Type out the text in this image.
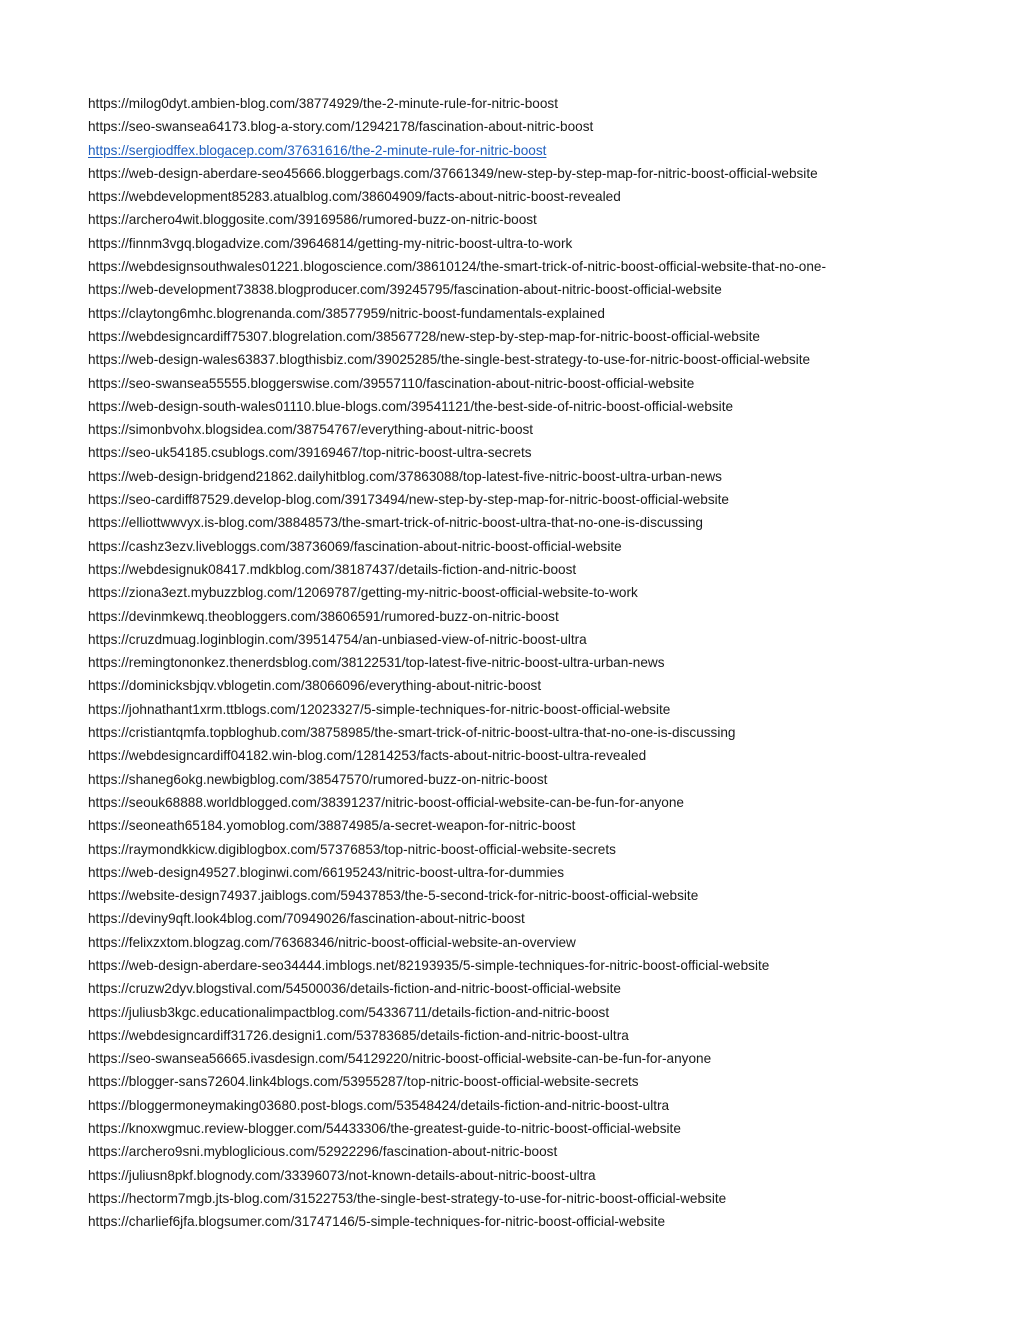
https://milog0dyt.ambien-blog.com/38774929/the-2-minute-rule-for-nitric-boost
https://seo-swansea64173.blog-a-story.com/12942178/fascination-about-nitric-boost
https://sergiodffex.blogacep.com/37631616/the-2-minute-rule-for-nitric-boost
https://web-design-aberdare-seo45666.bloggerbags.com/37661349/new-step-by-step-map-for-nitric-boost-official-website
https://webdevelopment85283.atualblog.com/38604909/facts-about-nitric-boost-revealed
https://archero4wit.bloggosite.com/39169586/rumored-buzz-on-nitric-boost
https://finnm3vgq.blogadvize.com/39646814/getting-my-nitric-boost-ultra-to-work
https://webdesignsouthwales01221.blogoscience.com/38610124/the-smart-trick-of-nitric-boost-official-website-that-no-one-
https://web-development73838.blogproducer.com/39245795/fascination-about-nitric-boost-official-website
https://claytong6mhc.blogrenanda.com/38577959/nitric-boost-fundamentals-explained
https://webdesigncardiff75307.blogrelation.com/38567728/new-step-by-step-map-for-nitric-boost-official-website
https://web-design-wales63837.blogthisbiz.com/39025285/the-single-best-strategy-to-use-for-nitric-boost-official-website
https://seo-swansea55555.bloggerswise.com/39557110/fascination-about-nitric-boost-official-website
https://web-design-south-wales01110.blue-blogs.com/39541121/the-best-side-of-nitric-boost-official-website
https://simonbvohx.blogsidea.com/38754767/everything-about-nitric-boost
https://seo-uk54185.csublogs.com/39169467/top-nitric-boost-ultra-secrets
https://web-design-bridgend21862.dailyhitblog.com/37863088/top-latest-five-nitric-boost-ultra-urban-news
https://seo-cardiff87529.develop-blog.com/39173494/new-step-by-step-map-for-nitric-boost-official-website
https://elliottwwvyx.is-blog.com/38848573/the-smart-trick-of-nitric-boost-ultra-that-no-one-is-discussing
https://cashz3ezv.livebloggs.com/38736069/fascination-about-nitric-boost-official-website
https://webdesignuk08417.mdkblog.com/38187437/details-fiction-and-nitric-boost
https://ziona3ezt.mybuzzblog.com/12069787/getting-my-nitric-boost-official-website-to-work
https://devinmkewq.theobloggers.com/38606591/rumored-buzz-on-nitric-boost
https://cruzdmuag.loginblogin.com/39514754/an-unbiased-view-of-nitric-boost-ultra
https://remingtononkez.thenerdsblog.com/38122531/top-latest-five-nitric-boost-ultra-urban-news
https://dominicksbjqv.vblogetin.com/38066096/everything-about-nitric-boost
https://johnathant1xrm.ttblogs.com/12023327/5-simple-techniques-for-nitric-boost-official-website
https://cristiantqmfa.topbloghub.com/38758985/the-smart-trick-of-nitric-boost-ultra-that-no-one-is-discussing
https://webdesigncardiff04182.win-blog.com/12814253/facts-about-nitric-boost-ultra-revealed
https://shaneg6okg.newbigblog.com/38547570/rumored-buzz-on-nitric-boost
https://seouk68888.worldblogged.com/38391237/nitric-boost-official-website-can-be-fun-for-anyone
https://seoneath65184.yomoblog.com/38874985/a-secret-weapon-for-nitric-boost
https://raymondkkicw.digiblogbox.com/57376853/top-nitric-boost-official-website-secrets
https://web-design49527.bloginwi.com/66195243/nitric-boost-ultra-for-dummies
https://website-design74937.jaiblogs.com/59437853/the-5-second-trick-for-nitric-boost-official-website
https://deviny9qft.look4blog.com/70949026/fascination-about-nitric-boost
https://felixzxtom.blogzag.com/76368346/nitric-boost-official-website-an-overview
https://web-design-aberdare-seo34444.imblogs.net/82193935/5-simple-techniques-for-nitric-boost-official-website
https://cruzw2dyv.blogstival.com/54500036/details-fiction-and-nitric-boost-official-website
https://juliusb3kgc.educationalimpactblog.com/54336711/details-fiction-and-nitric-boost
https://webdesigncardiff31726.designi1.com/53783685/details-fiction-and-nitric-boost-ultra
https://seo-swansea56665.ivasdesign.com/54129220/nitric-boost-official-website-can-be-fun-for-anyone
https://blogger-sans72604.link4blogs.com/53955287/top-nitric-boost-official-website-secrets
https://bloggermoneymaking03680.post-blogs.com/53548424/details-fiction-and-nitric-boost-ultra
https://knoxwgmuc.review-blogger.com/54433306/the-greatest-guide-to-nitric-boost-official-website
https://archero9sni.mybloglicious.com/52922296/fascination-about-nitric-boost
https://juliusn8pkf.blognody.com/33396073/not-known-details-about-nitric-boost-ultra
https://hectorm7mgb.jts-blog.com/31522753/the-single-best-strategy-to-use-for-nitric-boost-official-website
https://charlief6jfa.blogsumer.com/31747146/5-simple-techniques-for-nitric-boost-official-website
